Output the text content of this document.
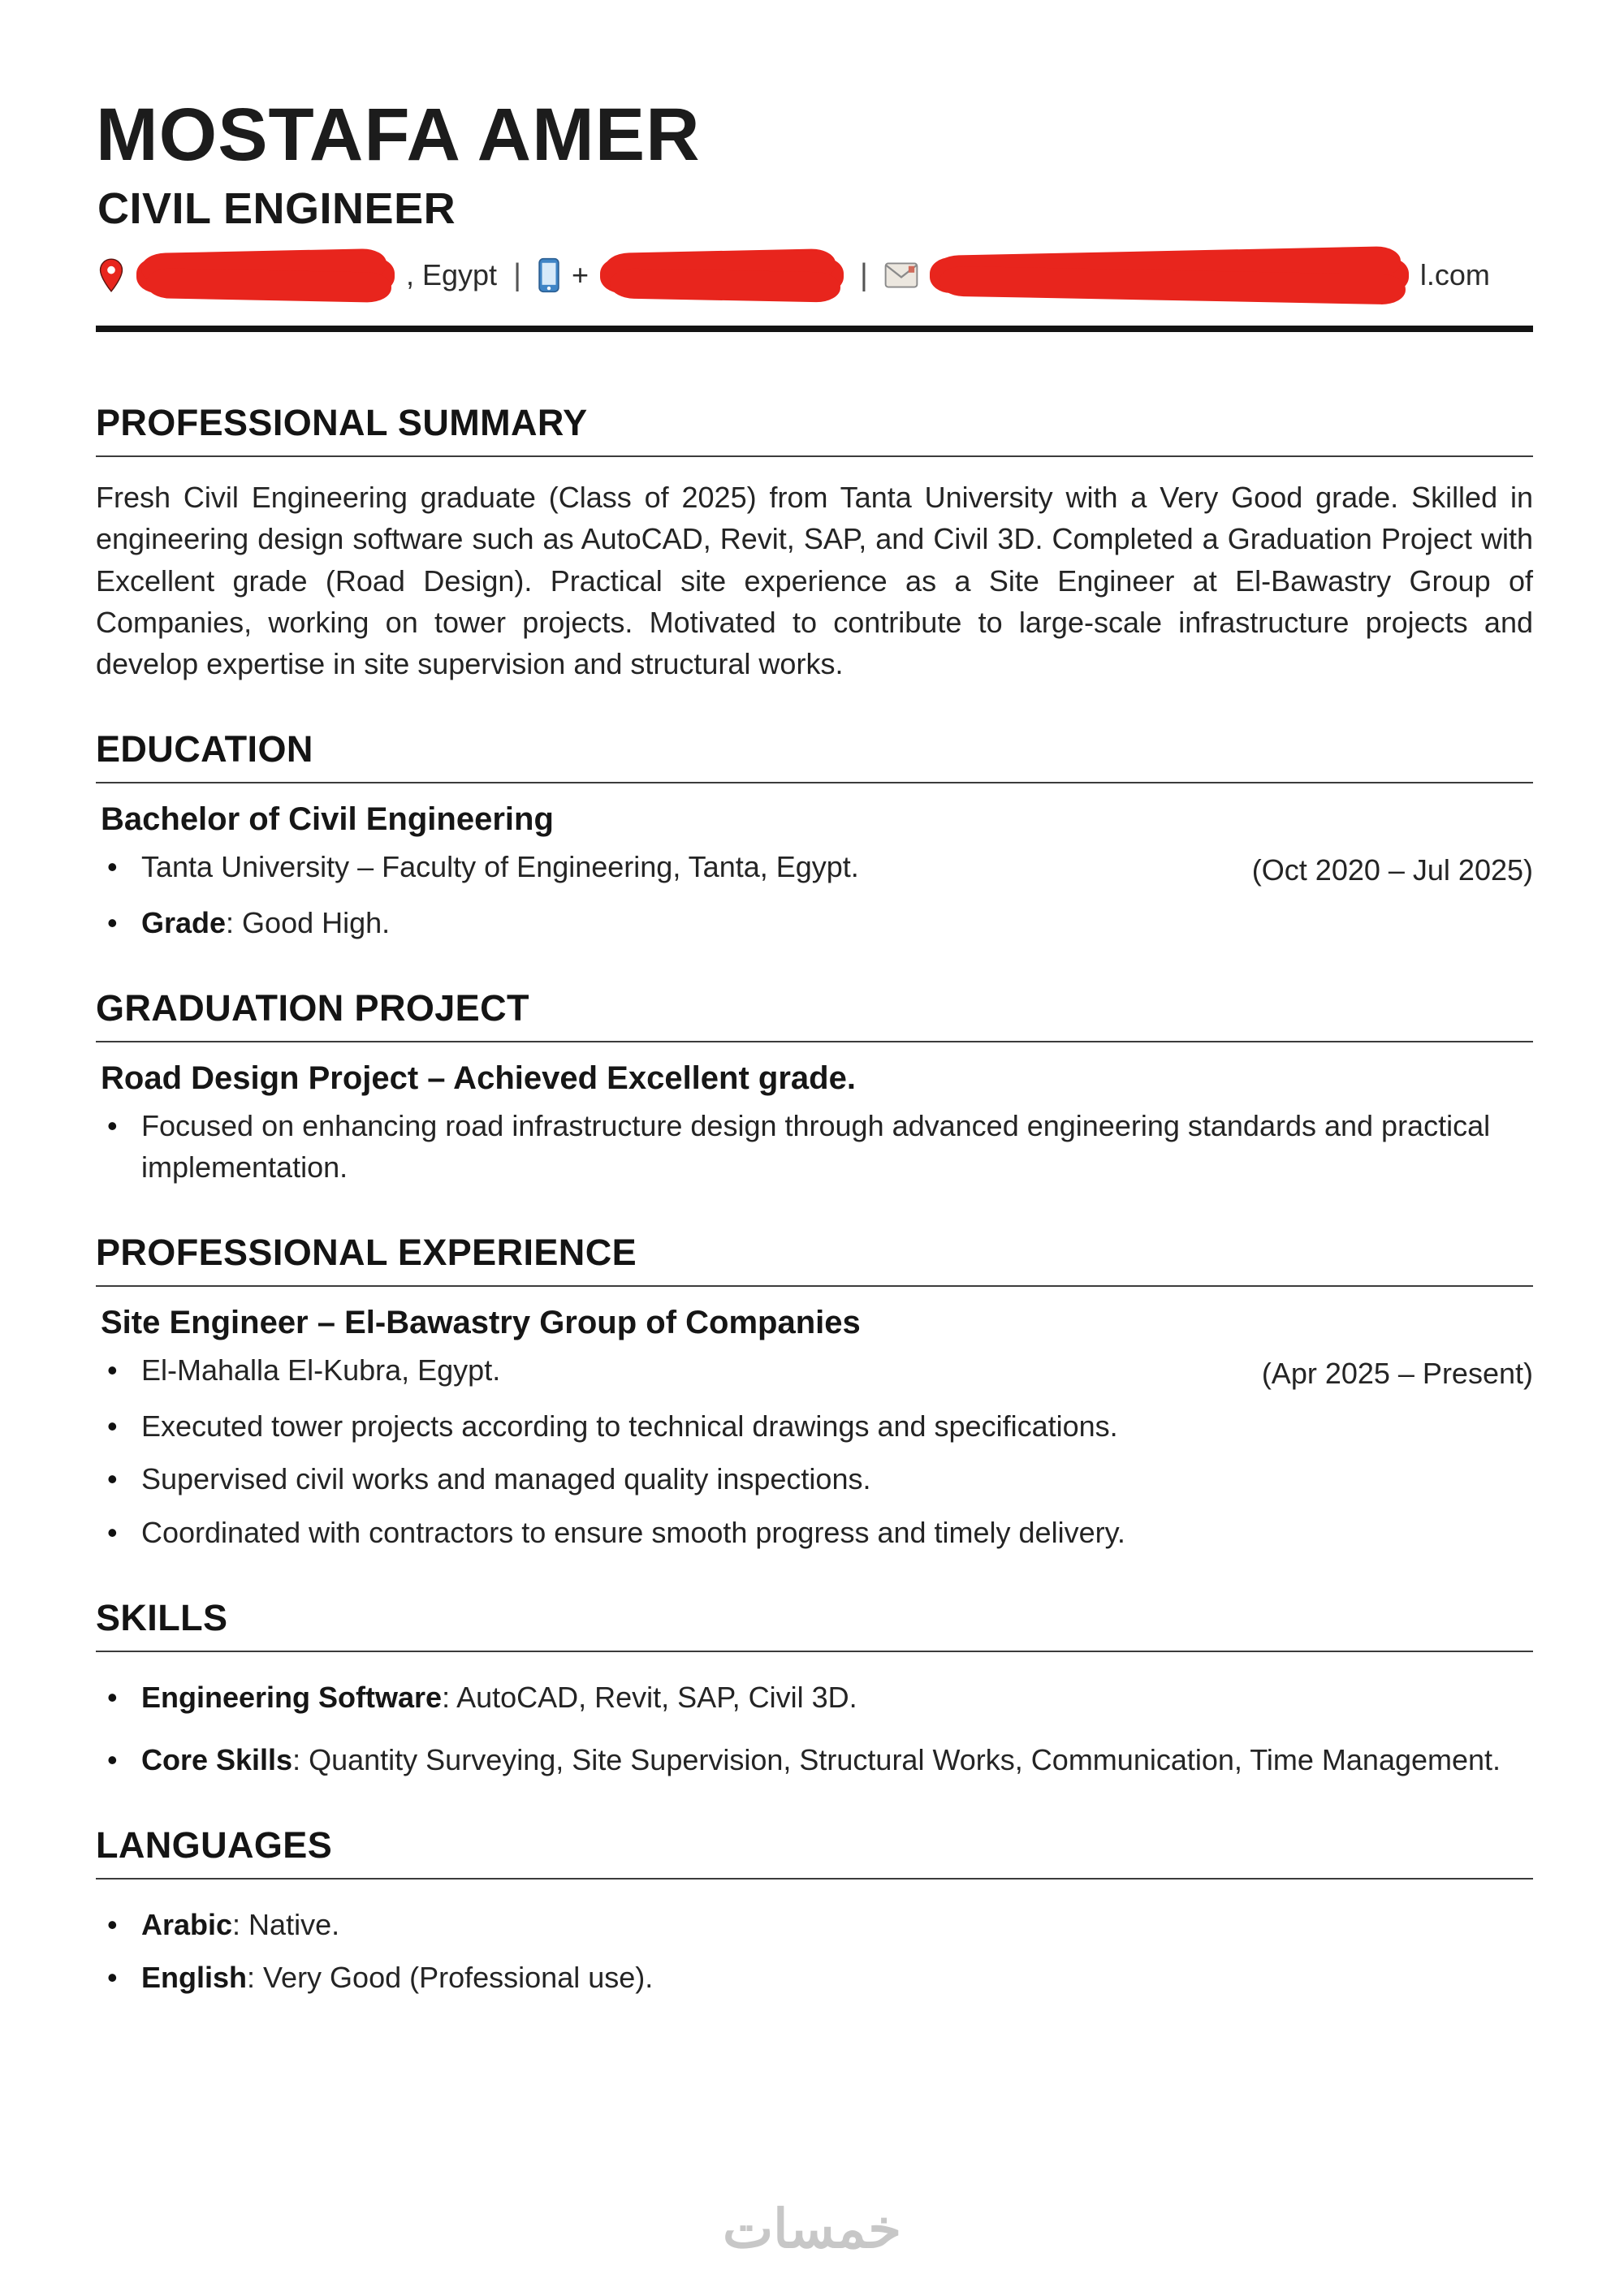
MOSTAFA AMER
CIVIL ENGINEER
, Egypt | +	|	l.com
PROFESSIONAL SUMMARY

Fresh Civil Engineering graduate (Class of 2025) from Tanta University with a Very Good grade. Skilled in engineering design software such as AutoCAD, Revit, SAP, and Civil 3D. Completed a Graduation Project with Excellent grade (Road Design). Practical site experience as a Site Engineer at El-Bawastry Group of Companies, working on tower projects. Motivated to contribute to large-scale infrastructure projects and develop expertise in site supervision and structural works.

EDUCATION
Bachelor of Civil Engineering
• Tanta University – Faculty of Engineering, Tanta, Egypt.	(Oct 2020 – Jul 2025)
• Grade: Good High.
GRADUATION PROJECT
Road Design Project – Achieved Excellent grade.
• Focused on enhancing road infrastructure design through advanced engineering standards and practical implementation.
PROFESSIONAL EXPERIENCE
Site Engineer – El-Bawastry Group of Companies
• El-Mahalla El-Kubra, Egypt.	(Apr 2025 – Present)
• Executed tower projects according to technical drawings and specifications.
• Supervised civil works and managed quality inspections.
• Coordinated with contractors to ensure smooth progress and timely delivery.
SKILLS
• Engineering Software: AutoCAD, Revit, SAP, Civil 3D.
• Core Skills: Quantity Surveying, Site Supervision, Structural Works, Communication, Time Management.
LANGUAGES
• Arabic: Native.
• English: Very Good (Professional use).
خمسات
